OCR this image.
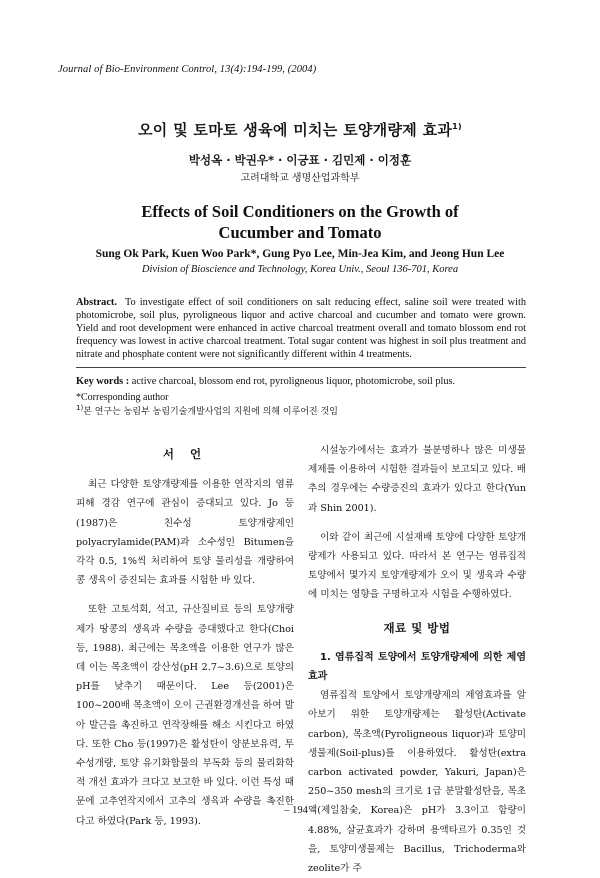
Journal of Bio-Environment Control, 13(4):194-199, (2004)
오이 및 토마토 생육에 미치는 토양개량제 효과$^{1)}$
박성옥 · 박권우* · 이긍표 · 김민제 · 이정훈
고려대학교 생명산업과학부
Effects of Soil Conditioners on the Growth of
Cucumber and Tomato
Sung Ok Park, Kuen Woo Park*, Gung Pyo Lee, Min-Jea Kim, and Jeong Hun Lee
Division of Bioscience and Technology, Korea Univ., Seoul 136-701, Korea
Abstract. To investigate effect of soil conditioners on salt reducing effect, saline soil were treated with photomicrobe, soil plus, pyroligneous liquor and active charcoal and cucumber and tomato were grown. Yield and root development were enhanced in active charcoal treatment overall and tomato blossom end rot frequency was lowest in active charcoal treatment. Total sugar content was highest in soil plus treatment and nitrate and phosphate content were not significantly different within 4 treatments.
Key words : active charcoal, blossom end rot, pyroligneous liquor, photomicrobe, soil plus.
*Corresponding author
$^{1)}$본 연구는 농림부 농림기술개발사업의 지원에 의해 이루어진 것임
서 언

최근 다양한 토양개량제를 이용한 연작지의 염류피해 경감 연구에 관심이 증대되고 있다. Jo 등(1987)은 친수성 토양개량제인 polyacrylamide(PAM)과 소수성인 Bitumen을 각각 0.5, 1%씩 처리하여 토양 물리성을 개량하여 콩 생육이 증진되는 효과를 시험한 바 있다.

또한 고토석회, 석고, 규산질비료 등의 토양개량제가 땅콩의 생육과 수량을 증대했다고 한다(Choi 등, 1988). 최근에는 목초액을 이용한 연구가 많은데 이는 목초액이 강산성(pH 2.7~3.6)으로 토양의 pH를 낮추기 때문이다. Lee 등(2001)은 100~200배 목초액이 오이 근권환경개선을 하여 발아 발근을 촉진하고 연작장해를 해소 시킨다고 하였다. 또한 Cho 등(1997)은 활성탄이 양분보유력, 투수성개량, 토양 유기화합물의 부독화 등의 물리화학적 개선 효과가 크다고 보고한 바 있다. 이런 특성 때문에 고추연작지에서 고추의 생육과 수량을 촉진한다고 하였다(Park 등, 1993).

시설농가에서는 효과가 불분명하나 많은 미생물제제를 이용하여 시험한 결과들이 보고되고 있다. 배추의 경우에는 수량증진의 효과가 있다고 한다(Yun과 Shin 2001).

이와 같이 최근에 시설재배 토양에 다양한 토양개량제가 사용되고 있다. 따라서 본 연구는 염류집적 토양에서 몇가지 토양개량제가 오이 및 생육과 수량에 미치는 영향을 구명하고자 시험을 수행하였다.

재료 및 방법
1. 염류집적 토양에서 토양개량제에 의한 제염효과

염류집적 토양에서 토양개량제의 제염효과를 알아보기 위한 토양개량제는 활성탄(Activate carbon), 목초액(Pyroligneous liquor)과 토양미생물제(Soil-plus)를 이용하였다. 활성탄(extra carbon activated powder, Yakuri, Japan)은 250~350 mesh의 크기로 1급 분말활성탄을, 목초액(제일참숯, Korea)은 pH가 3.3이고 함량이 4.88%, 살균효과가 강하며 용액타르가 0.35인 것을, 토양미생물제는 Bacillus, Trichoderma와 zeolite가 주

– 194 –
